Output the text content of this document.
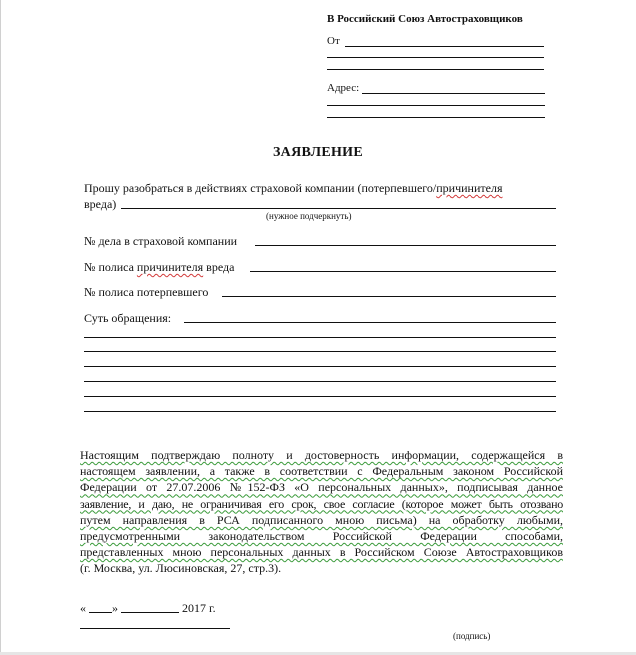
В Российский Союз Автостраховщиков
От
Адрес:
ЗАЯВЛЕНИЕ
Прошу разобраться в действиях страховой компании (потерпевшего/причинителя
вреда)
(нужное подчеркнуть)
№ дела в страховой компании
№ полиса причинителя вреда
№ полиса потерпевшего
Суть обращения:
Настоящим подтверждаю полноту и достоверность информации, содержащейся в
настоящем заявлении, а также в соответствии с Федеральным законом Российской
Федерации от 27.07.2006 №152-ФЗ «О персональных данных», подписывая данное
заявление, и даю, не ограничивая его срок, свое согласие (которое может быть отозвано
путем направления в РСА подписанного мною письма) на обработку любыми,
предусмотренными законодательством Российской Федерации способами,
представленных мною персональных данных в Российском Союзе Автостраховщиков
(г. Москва, ул. Люсиновская, 27, стр.3).
« »	2017 г.
(подпись)
